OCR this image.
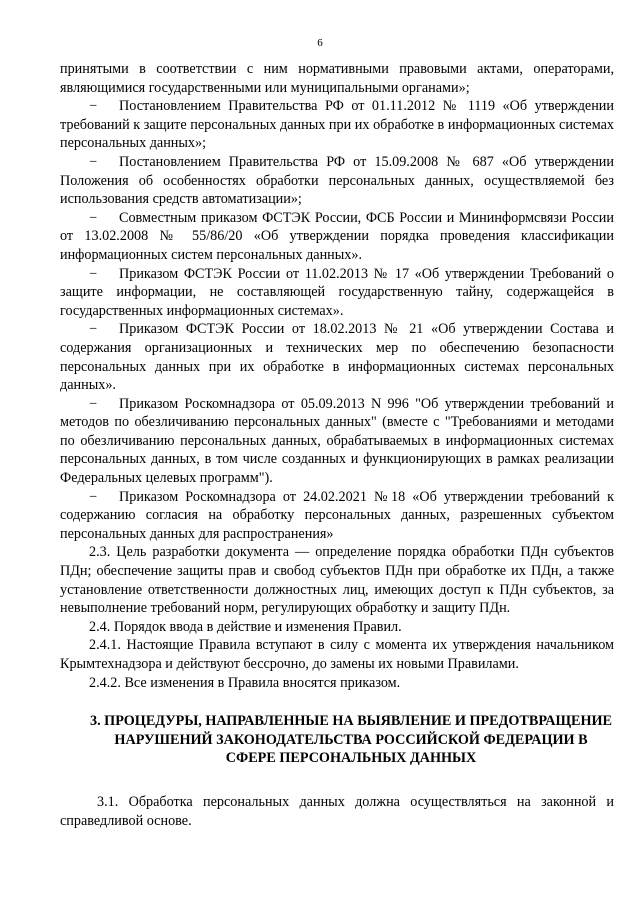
6

принятыми в соответствии с ним нормативными правовыми актами, операторами, являющимися государственными или муниципальными органами»;

− Постановлением Правительства РФ от 01.11.2012 № 1119 «Об утверждении требований к защите персональных данных при их обработке в информационных системах персональных данных»;

− Постановлением Правительства РФ от 15.09.2008 № 687 «Об утверждении Положения об особенностях обработки персональных данных, осуществляемой без использования средств автоматизации»;

− Совместным приказом ФСТЭК России, ФСБ России и Мининформсвязи России от 13.02.2008 № 55/86/20 «Об утверждении порядка проведения классификации информационных систем персональных данных».

− Приказом ФСТЭК России от 11.02.2013 № 17 «Об утверждении Требований о защите информации, не составляющей государственную тайну, содержащейся в государственных информационных системах».

− Приказом ФСТЭК России от 18.02.2013 № 21 «Об утверждении Состава и содержания организационных и технических мер по обеспечению безопасности персональных данных при их обработке в информационных системах персональных данных».

− Приказом Роскомнадзора от 05.09.2013 N 996 "Об утверждении требований и методов по обезличиванию персональных данных" (вместе с "Требованиями и методами по обезличиванию персональных данных, обрабатываемых в информационных системах персональных данных, в том числе созданных и функционирующих в рамках реализации Федеральных целевых программ").

− Приказом Роскомнадзора от 24.02.2021 №18 «Об утверждении требований к содержанию согласия на обработку персональных данных, разрешенных субъектом персональных данных для распространения»

2.3. Цель разработки документа — определение порядка обработки ПДн субъектов ПДн; обеспечение защиты прав и свобод субъектов ПДн при обработке их ПДн, а также установление ответственности должностных лиц, имеющих доступ к ПДн субъектов, за невыполнение требований норм, регулирующих обработку и защиту ПДн.

2.4. Порядок ввода в действие и изменения Правил.

2.4.1. Настоящие Правила вступают в силу с момента их утверждения начальником Крымтехнадзора и действуют бессрочно, до замены их новыми Правилами.

2.4.2. Все изменения в Правила вносятся приказом.

3. ПРОЦЕДУРЫ, НАПРАВЛЕННЫЕ НА ВЫЯВЛЕНИЕ И ПРЕДОТВРАЩЕНИЕ НАРУШЕНИЙ ЗАКОНОДАТЕЛЬСТВА РОССИЙСКОЙ ФЕДЕРАЦИИ В СФЕРЕ ПЕРСОНАЛЬНЫХ ДАННЫХ

3.1. Обработка персональных данных должна осуществляться на законной и справедливой основе.
